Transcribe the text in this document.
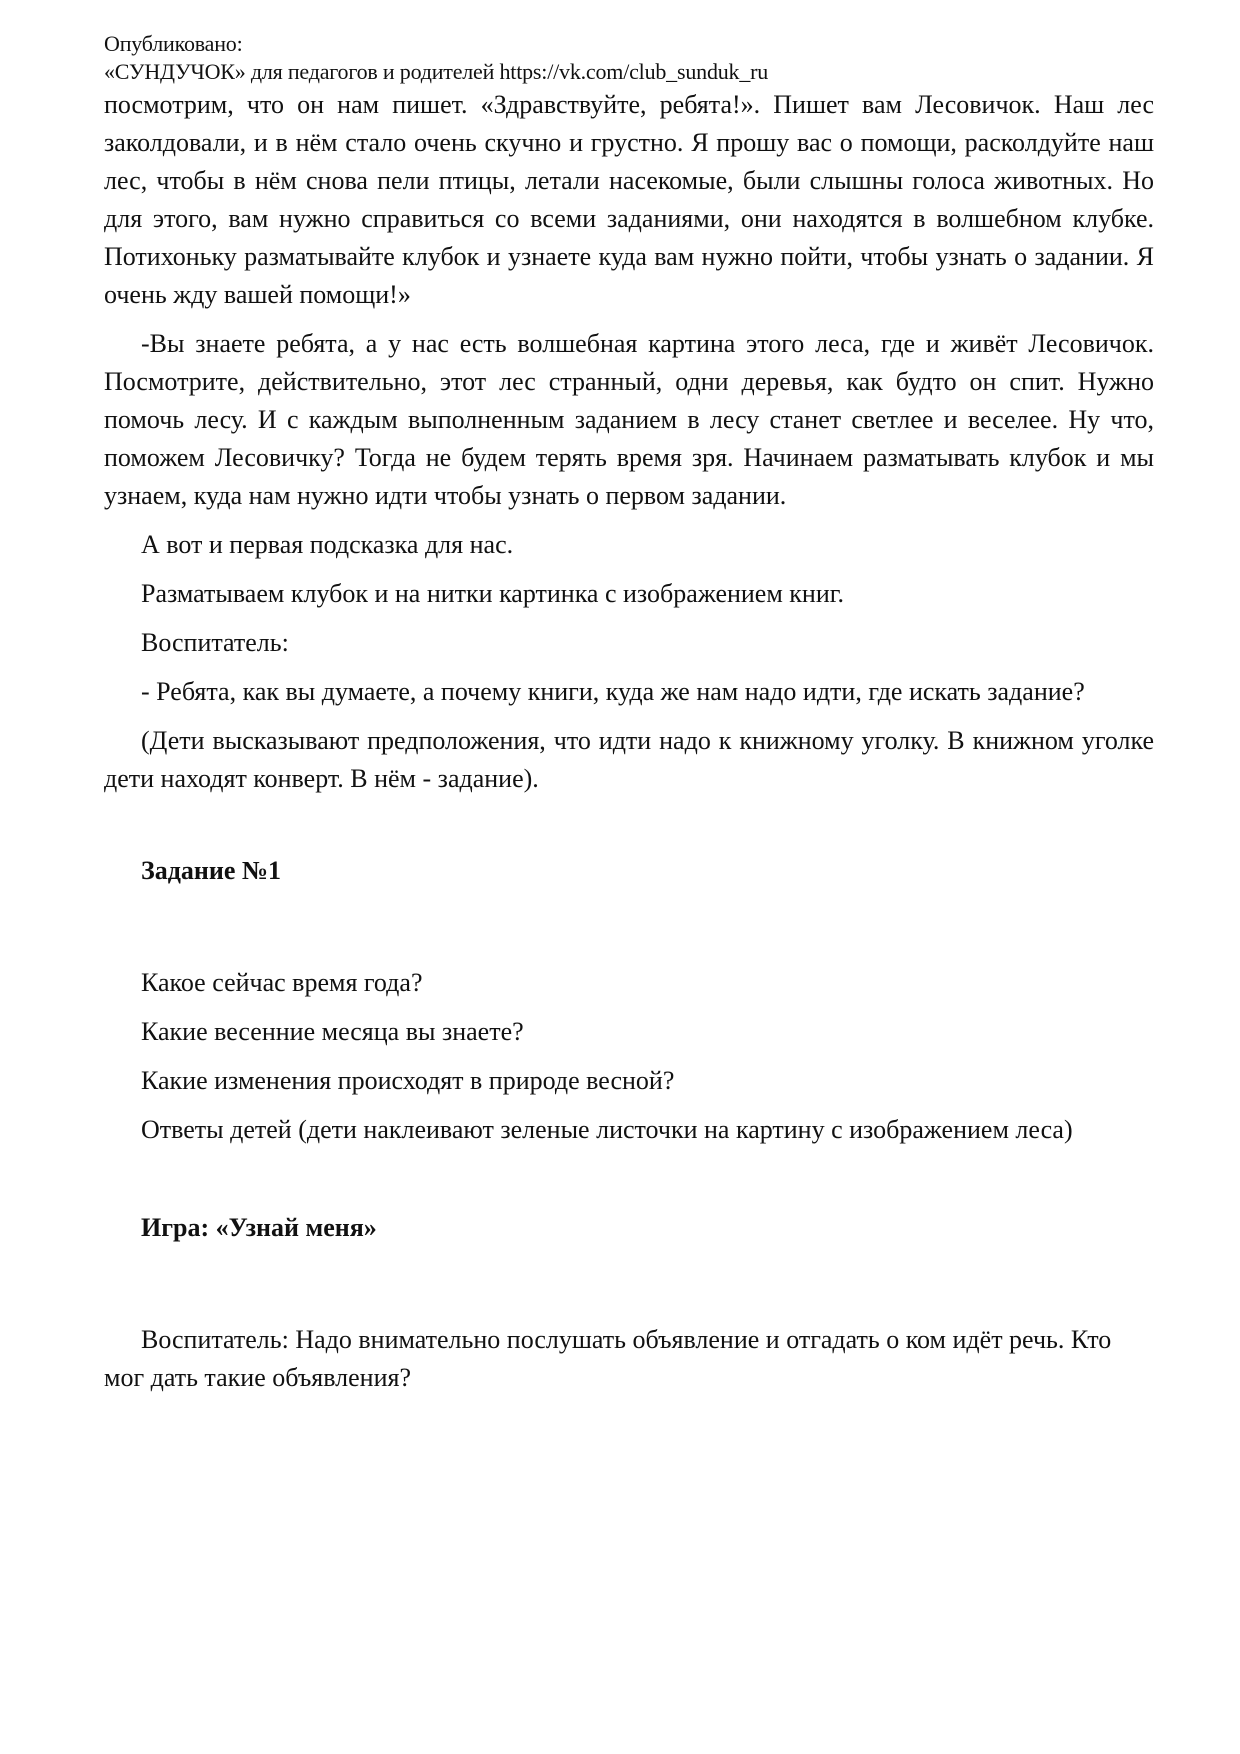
Опубликовано:
«СУНДУЧОК» для педагогов и родителей https://vk.com/club_sunduk_ru

посмотрим, что он нам пишет. «Здравствуйте, ребята!». Пишет вам Лесовичок. Наш лес заколдовали, и в нём стало очень скучно и грустно. Я прошу вас о помощи, расколдуйте наш лес, чтобы в нём снова пели птицы, летали насекомые, были слышны голоса животных. Но для этого, вам нужно справиться со всеми заданиями, они находятся в волшебном клубке. Потихоньку разматывайте клубок и узнаете куда вам нужно пойти, чтобы узнать о задании. Я очень жду вашей помощи!»

-Вы знаете ребята, а у нас есть волшебная картина этого леса, где и живёт Лесовичок. Посмотрите, действительно, этот лес странный, одни деревья, как будто он спит. Нужно помочь лесу. И с каждым выполненным заданием в лесу станет светлее и веселее. Ну что, поможем Лесовичку? Тогда не будем терять время зря. Начинаем разматывать клубок и мы узнаем, куда нам нужно идти чтобы узнать о первом задании.

А вот и первая подсказка для нас.

Разматываем клубок и на нитки картинка с изображением книг.

Воспитатель:

- Ребята, как вы думаете, а почему книги, куда же нам надо идти, где искать задание?

(Дети высказывают предположения, что идти надо к книжному уголку. В книжном уголке дети находят конверт. В нём - задание).

Задание №1

Какое сейчас время года?

Какие весенние месяца вы знаете?

Какие изменения происходят в природе весной?

Ответы детей (дети наклеивают зеленые листочки на картину с изображением леса)

Игра: «Узнай меня»

Воспитатель: Надо внимательно послушать объявление и отгадать о ком идёт речь. Кто мог дать такие объявления?
